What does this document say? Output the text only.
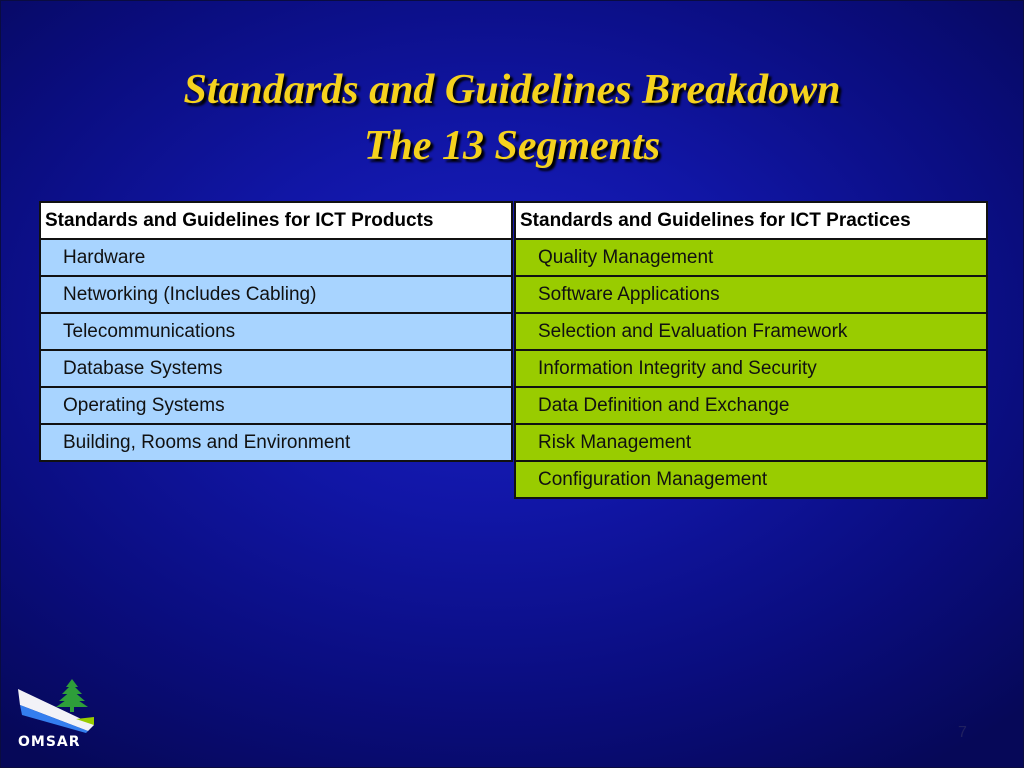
Standards and Guidelines Breakdown
The 13 Segments
Standards and Guidelines for ICT Products
Hardware
Networking (Includes Cabling)
Telecommunications
Database Systems
Operating Systems
Building, Rooms and Environment
Standards and Guidelines for ICT Practices
Quality Management
Software Applications
Selection and Evaluation Framework
Information Integrity and Security
Data Definition and Exchange
Risk Management
Configuration Management
OMSAR
7
